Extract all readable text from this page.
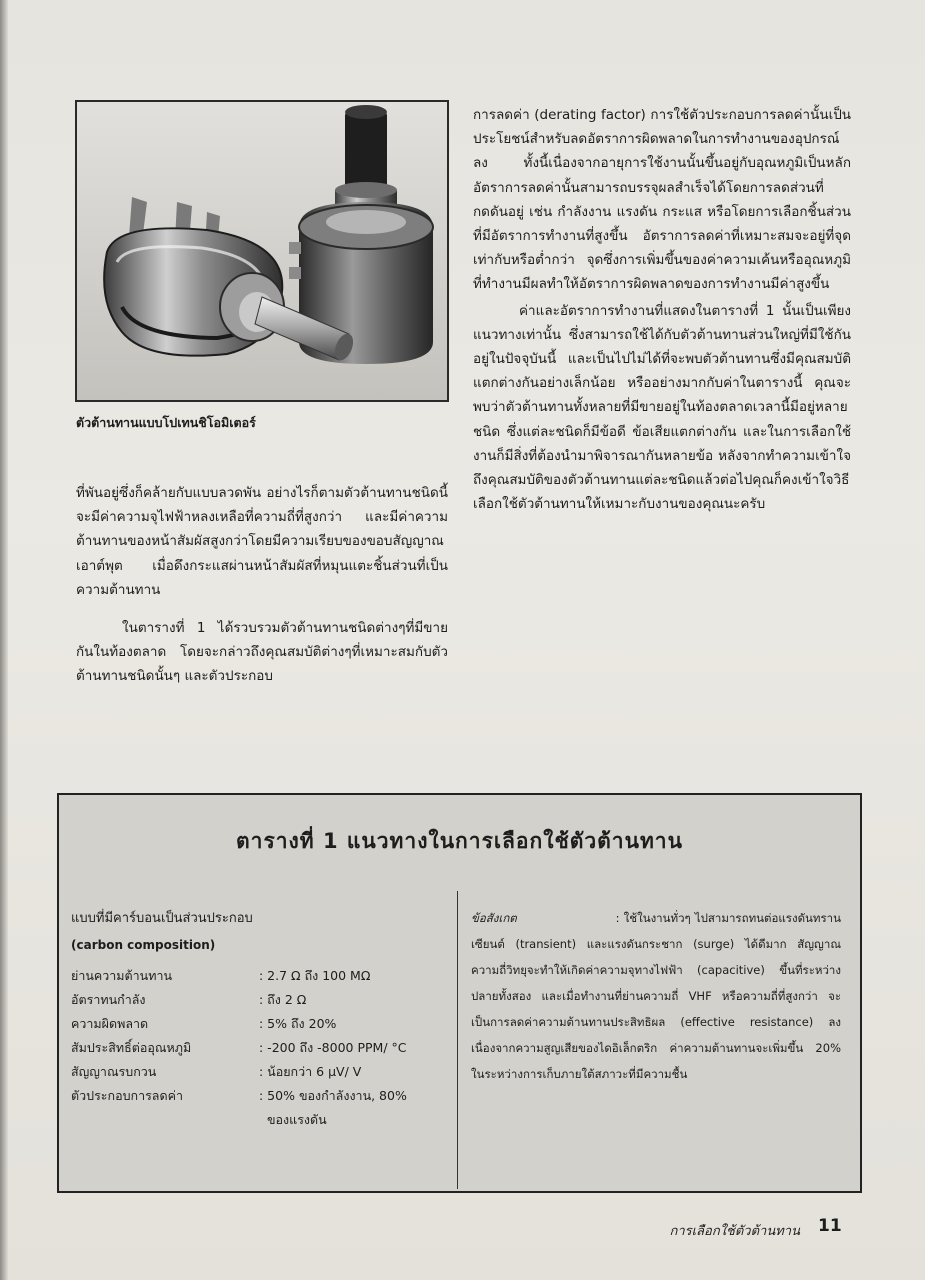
ตัวต้านทานแบบโปเทนชิโอมิเตอร์

ที่พันอยู่ซึ่งก็คล้ายกับแบบลวดพัน อย่างไรก็ตามตัวต้านทานชนิดนี้จะมีค่าความจุไฟฟ้าหลงเหลือที่ความถี่ที่สูงกว่า และมีค่าความต้านทานของหน้าสัมผัสสูงกว่าโดยมีความเรียบของขอบสัญญาณเอาต์พุต เมื่อดึงกระแสผ่านหน้าสัมผัสที่หมุนแตะชิ้นส่วนที่เป็นความต้านทาน

ในตารางที่ 1 ได้รวบรวมตัวต้านทานชนิดต่างๆที่มีขายกันในท้องตลาด โดยจะกล่าวถึงคุณสมบัติต่างๆที่เหมาะสมกับตัวต้านทานชนิดนั้นๆ และตัวประกอบ

การลดค่า (derating factor) การใช้ตัวประกอบการลดค่านั้นเป็นประโยชน์สำหรับลดอัตราการผิดพลาดในการทำงานของอุปกรณ์ลง ทั้งนี้เนื่องจากอายุการใช้งานนั้นขึ้นอยู่กับอุณหภูมิเป็นหลัก อัตราการลดค่านั้นสามารถบรรจุผลสำเร็จได้โดยการลดส่วนที่กดดันอยู่ เช่น กำลังงาน แรงดัน กระแส หรือโดยการเลือกชิ้นส่วนที่มีอัตราการทำงานที่สูงขึ้น อัตราการลดค่าที่เหมาะสมจะอยู่ที่จุดเท่ากับหรือต่ำกว่า จุดซึ่งการเพิ่มขึ้นของค่าความเค้นหรืออุณหภูมิที่ทำงานมีผลทำให้อัตราการผิดพลาดของการทำงานมีค่าสูงขึ้น

ค่าและอัตราการทำงานที่แสดงในตารางที่ 1 นั้นเป็นเพียงแนวทางเท่านั้น ซึ่งสามารถใช้ได้กับตัวต้านทานส่วนใหญ่ที่มีใช้กันอยู่ในปัจจุบันนี้ และเป็นไปไม่ได้ที่จะพบตัวต้านทานซึ่งมีคุณสมบัติแตกต่างกันอย่างเล็กน้อย หรืออย่างมากกับค่าในตารางนี้ คุณจะพบว่าตัวต้านทานทั้งหลายที่มีขายอยู่ในท้องตลาดเวลานี้มีอยู่หลายชนิด ซึ่งแต่ละชนิดก็มีข้อดี ข้อเสียแตกต่างกัน และในการเลือกใช้งานก็มีสิ่งที่ต้องนำมาพิจารณากันหลายข้อ หลังจากทำความเข้าใจถึงคุณสมบัติของตัวต้านทานแต่ละชนิดแล้วต่อไปคุณก็คงเข้าใจวิธีเลือกใช้ตัวต้านทานให้เหมาะกับงานของคุณนะครับ

ตารางที่ 1 แนวทางในการเลือกใช้ตัวต้านทาน
แบบที่มีคาร์บอนเป็นส่วนประกอบ
(carbon composition)
ย่านความต้านทาน	: 2.7 Ω ถึง 100 MΩ
อัตราทนกำลัง	: ถึง 2 Ω
ความผิดพลาด	: 5% ถึง 20%
สัมประสิทธิ์ต่ออุณหภูมิ	: -200 ถึง -8000 PPM/ °C
สัญญาณรบกวน	: น้อยกว่า 6 μV/ V
ตัวประกอบการลดค่า	: 50% ของกำลังงาน, 80%
ของแรงดัน
ข้อสังเกต	: ใช้ในงานทั่วๆ ไปสามารถทนต่อแรงดันทรานเซียนต์ (transient) และแรงดันกระชาก (surge) ได้ดีมาก สัญญาณความถี่วิทยุจะทำให้เกิดค่าความจุทางไฟฟ้า (capacitive) ขึ้นที่ระหว่างปลายทั้งสอง และเมื่อทำงานที่ย่านความถี่ VHF หรือความถี่ที่สูงกว่า จะเป็นการลดค่าความต้านทานประสิทธิผล (effective resistance) ลง เนื่องจากความสูญเสียของไดอิเล็กตริก ค่าความต้านทานจะเพิ่มขึ้น 20% ในระหว่างการเก็บภายใต้สภาวะที่มีความชื้น
การเลือกใช้ตัวต้านทาน 11
